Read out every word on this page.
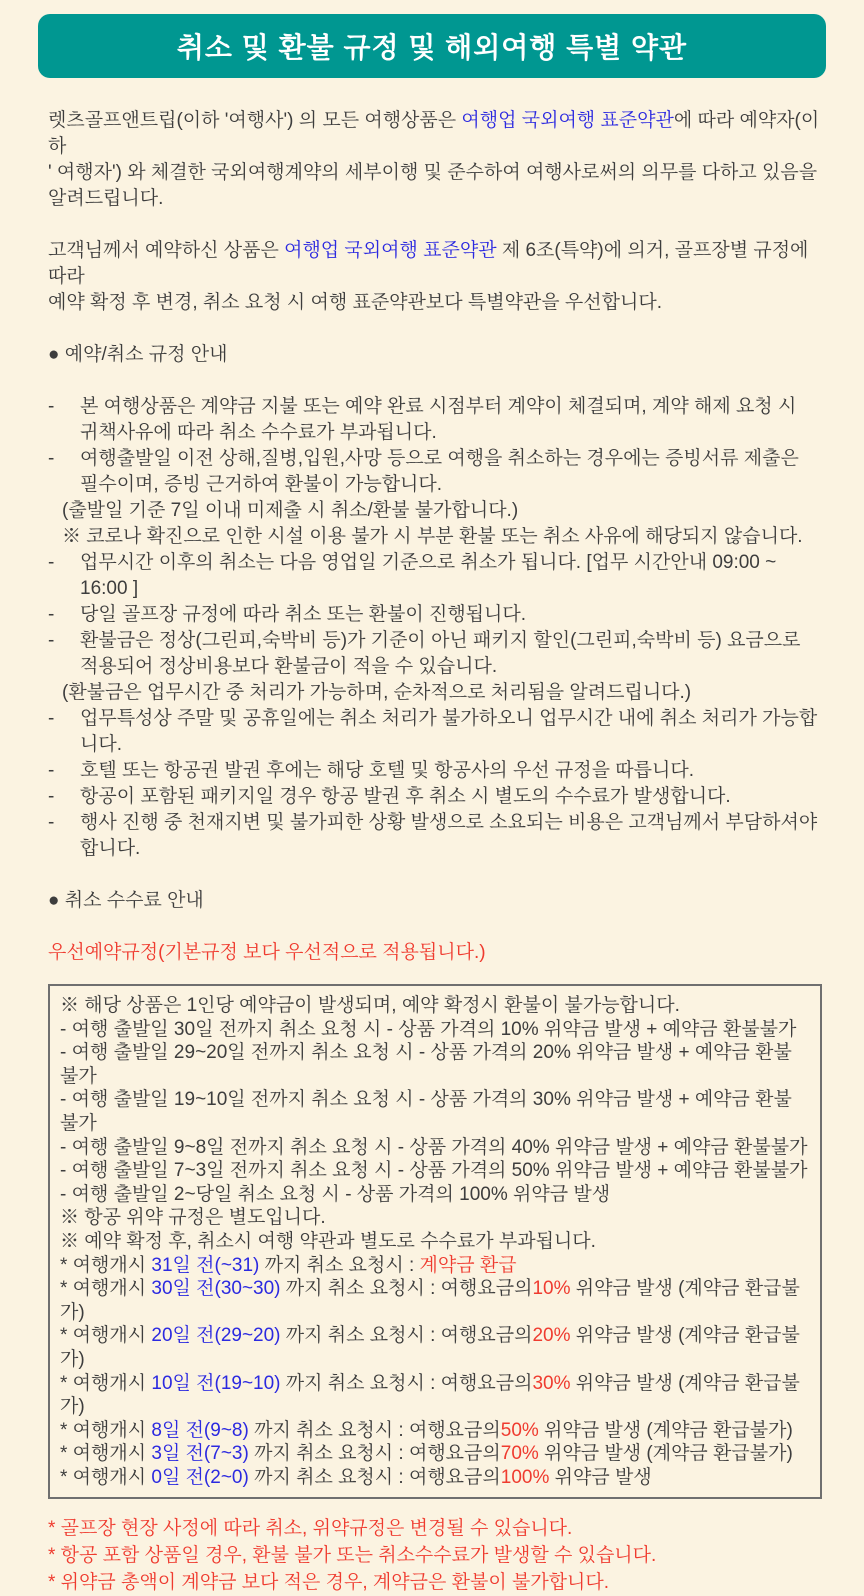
취소 및 환불 규정 및 해외여행 특별 약관
렛츠골프앤트립(이하 '여행사') 의 모든 여행상품은 여행업 국외여행 표준약관에 따라 예약자(이하
' 여행자') 와 체결한 국외여행계약의 세부이행 및 준수하여 여행사로써의 의무를 다하고 있음을
알려드립니다.
고객님께서 예약하신 상품은 여행업 국외여행 표준약관 제 6조(특약)에 의거, 골프장별 규정에 따라
예약 확정 후 변경, 취소 요청 시 여행 표준약관보다 특별약관을 우선합니다.
● 예약/취소 규정 안내
-	본 여행상품은 계약금 지불 또는 예약 완료 시점부터 계약이 체결되며, 계약 해제 요청 시
귀책사유에 따라 취소 수수료가 부과됩니다.
-	여행출발일 이전 상해,질병,입원,사망 등으로 여행을 취소하는 경우에는 증빙서류 제출은
필수이며, 증빙 근거하여 환불이 가능합니다.
(출발일 기준 7일 이내 미제출 시 취소/환불 불가합니다.)
※ 코로나 확진으로 인한 시설 이용 불가 시 부분 환불 또는 취소 사유에 해당되지 않습니다.
-	업무시간 이후의 취소는 다음 영업일 기준으로 취소가 됩니다. [업무 시간안내 09:00 ~ 16:00 ]
-	당일 골프장 규정에 따라 취소 또는 환불이 진행됩니다.
-	환불금은 정상(그린피,숙박비 등)가 기준이 아닌 패키지 할인(그린피,숙박비 등) 요금으로
적용되어 정상비용보다 환불금이 적을 수 있습니다.
(환불금은 업무시간 중 처리가 가능하며, 순차적으로 처리됨을 알려드립니다.)
-	업무특성상 주말 및 공휴일에는 취소 처리가 불가하오니 업무시간 내에 취소 처리가 가능합니다.
-	호텔 또는 항공권 발권 후에는 해당 호텔 및 항공사의 우선 규정을 따릅니다.
-	항공이 포함된 패키지일 경우 항공 발권 후 취소 시 별도의 수수료가 발생합니다.
-	행사 진행 중 천재지변 및 불가피한 상황 발생으로 소요되는 비용은 고객님께서 부담하셔야
합니다.
● 취소 수수료 안내
우선예약규정(기본규정 보다 우선적으로 적용됩니다.)
※ 해당 상품은 1인당 예약금이 발생되며, 예약 확정시 환불이 불가능합니다.
- 여행 출발일 30일 전까지 취소 요청 시 - 상품 가격의 10% 위약금 발생 + 예약금 환불불가
- 여행 출발일 29~20일 전까지 취소 요청 시 - 상품 가격의 20% 위약금 발생 + 예약금 환불불가
- 여행 출발일 19~10일 전까지 취소 요청 시 - 상품 가격의 30% 위약금 발생 + 예약금 환불불가
- 여행 출발일 9~8일 전까지 취소 요청 시 - 상품 가격의 40% 위약금 발생 + 예약금 환불불가
- 여행 출발일 7~3일 전까지 취소 요청 시 - 상품 가격의 50% 위약금 발생 + 예약금 환불불가
- 여행 출발일 2~당일 취소 요청 시 - 상품 가격의 100% 위약금 발생
※ 항공 위약 규정은 별도입니다.
※ 예약 확정 후, 취소시 여행 약관과 별도로 수수료가 부과됩니다.
* 여행개시 31일 전(~31) 까지 취소 요청시 : 계약금 환급
* 여행개시 30일 전(30~30) 까지 취소 요청시 : 여행요금의10% 위약금 발생 (계약금 환급불가)
* 여행개시 20일 전(29~20) 까지 취소 요청시 : 여행요금의20% 위약금 발생 (계약금 환급불가)
* 여행개시 10일 전(19~10) 까지 취소 요청시 : 여행요금의30% 위약금 발생 (계약금 환급불가)
* 여행개시 8일 전(9~8) 까지 취소 요청시 : 여행요금의50% 위약금 발생 (계약금 환급불가)
* 여행개시 3일 전(7~3) 까지 취소 요청시 : 여행요금의70% 위약금 발생 (계약금 환급불가)
* 여행개시 0일 전(2~0) 까지 취소 요청시 : 여행요금의100% 위약금 발생
* 골프장 현장 사정에 따라 취소, 위약규정은 변경될 수 있습니다.
* 항공 포함 상품일 경우, 환불 불가 또는 취소수수료가 발생할 수 있습니다.
* 위약금 총액이 계약금 보다 적은 경우, 계약금은 환불이 불가합니다.
